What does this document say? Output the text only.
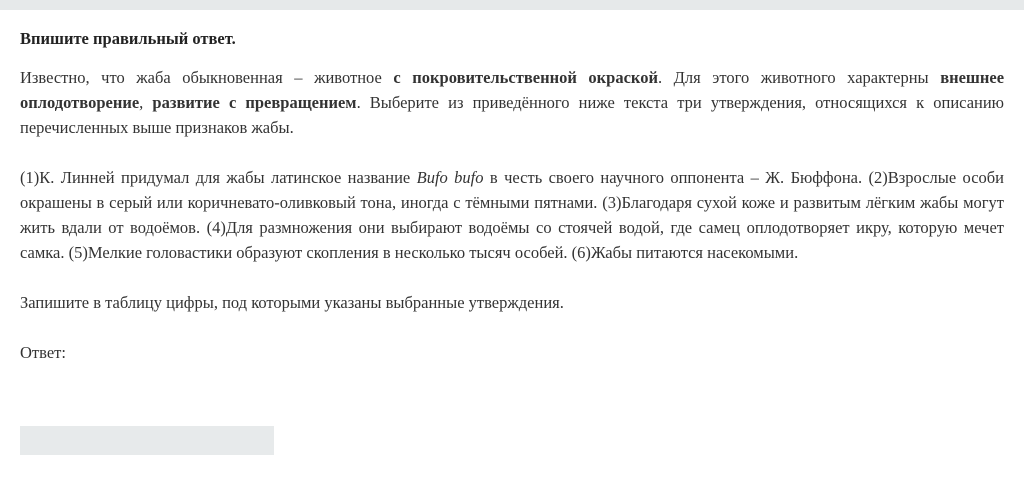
Впишите правильный ответ.

Известно, что жаба обыкновенная – животное с покровительственной окраской. Для этого животного характерны внешнее оплодотворение, развитие с превращением. Выберите из приведённого ниже текста три утверждения, относящихся к описанию перечисленных выше признаков жабы.

(1)К. Линней придумал для жабы латинское название Bufo bufo в честь своего научного оппонента – Ж. Бюффона. (2)Взрослые особи окрашены в серый или коричневато-оливковый тона, иногда с тёмными пятнами. (3)Благодаря сухой коже и развитым лёгким жабы могут жить вдали от водоёмов. (4)Для размножения они выбирают водоёмы со стоячей водой, где самец оплодотворяет икру, которую мечет самка. (5)Мелкие головастики образуют скопления в несколько тысяч особей. (6)Жабы питаются насекомыми.

Запишите в таблицу цифры, под которыми указаны выбранные утверждения.

Ответ:
